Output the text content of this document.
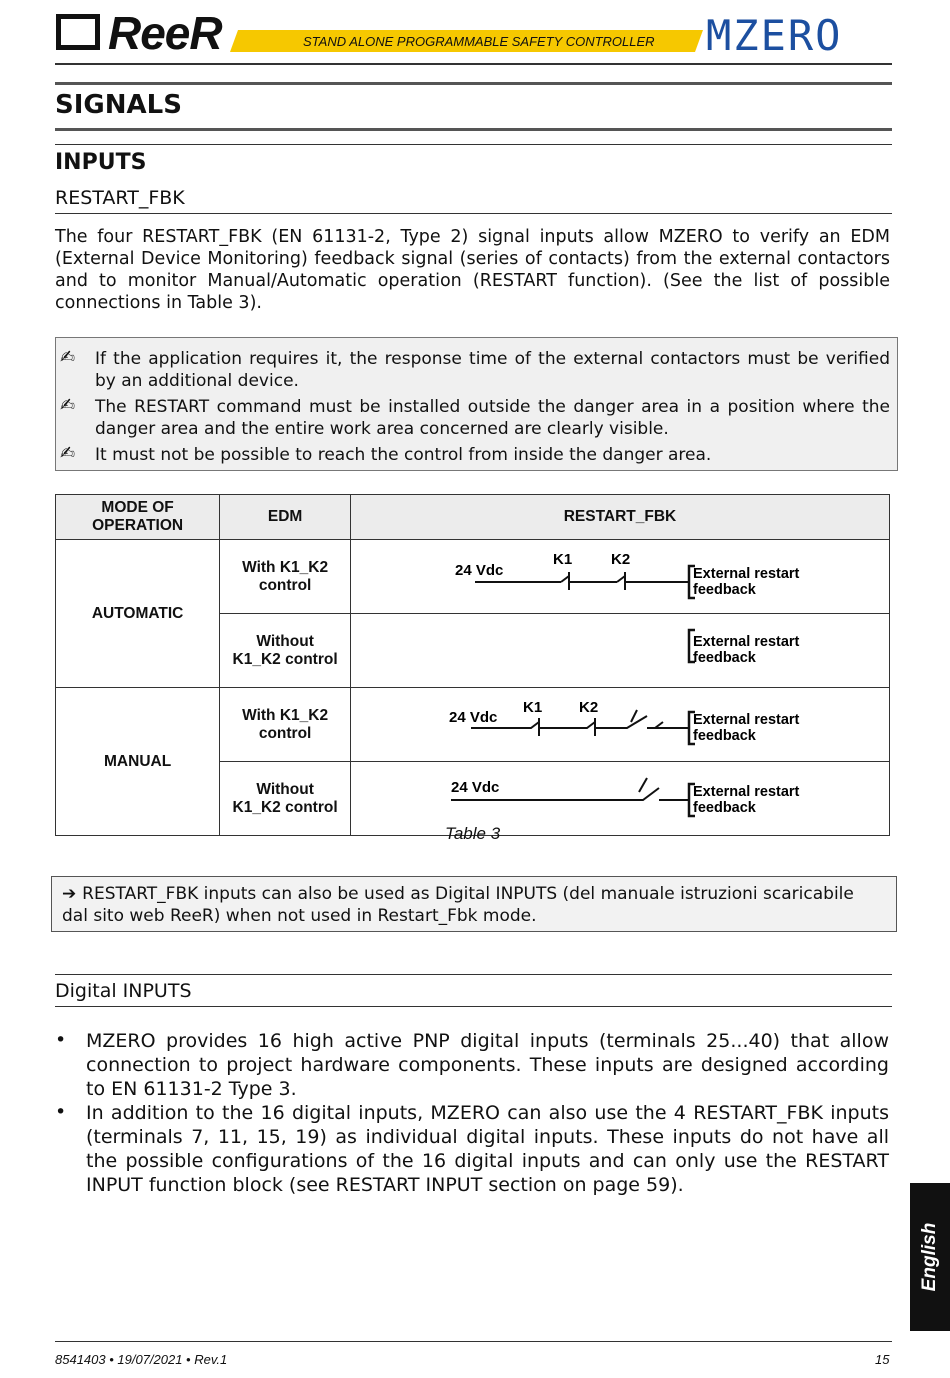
ReeR	STAND ALONE PROGRAMMABLE SAFETY CONTROLLER MZERO
SIGNALS
INPUTS
RESTART_FBK
The four RESTART_FBK (EN 61131-2, Type 2) signal inputs allow MZERO to verify an EDM (External Device Monitoring) feedback signal (series of contacts) from the external contactors and to monitor Manual/Automatic operation (RESTART function). (See the list of possible connections in Table 3).
✍ If the application requires it, the response time of the external contactors must be verified by an additional device.
✍ The RESTART command must be installed outside the danger area in a position where the danger area and the entire work area concerned are clearly visible.
✍ It must not be possible to reach the control from inside the danger area.
MODE OF OPERATION	EDM	RESTART_FBK
AUTOMATIC	With K1_K2 control	24 Vdc
K1 K2
External restart
feedback

	Without K1_K2 control	External restart
feedback

MANUAL	With K1_K2 control	24 Vdc
K1 K2
External restart
feedback

	Without K1_K2 control	24 Vdc External restart
feedback
Table 3
➔ RESTART_FBK inputs can also be used as Digital INPUTS (del manuale istruzioni scaricabile dal sito web ReeR) when not used in Restart_Fbk mode.
Digital INPUTS
• MZERO provides 16 high active PNP digital inputs (terminals 25...40) that allow connection to project hardware components. These inputs are designed according to EN 61131-2 Type 3.
• In addition to the 16 digital inputs, MZERO can also use the 4 RESTART_FBK inputs (terminals 7, 11, 15, 19) as individual digital inputs. These inputs do not have all the possible configurations of the 16 digital inputs and can only use the RESTART INPUT function block (see RESTART INPUT section on page 59).
English
8541403 • 19/07/2021 • Rev.1	15
